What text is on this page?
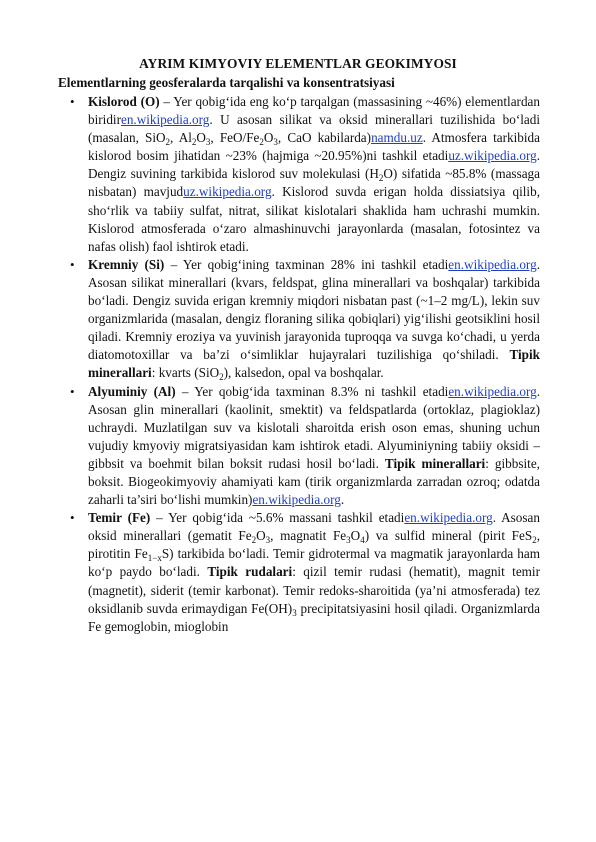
AYRIM KIMYOVIY ELEMENTLAR GEOKIMYOSI
Elementlarning geosferalarda tarqalishi va konsentratsiyasi
• Kislorod (O) – Yer qobig‘ida eng ko‘p tarqalgan (massasining ~46%) elementlardan biridiren.wikipedia.org. U asosan silikat va oksid minerallari tuzilishida bo‘ladi (masalan, SiO$_2$, $Al_2O_3$, FeO/$Fe_2O_3$, CaO kabilarda)namdu.uz. Atmosfera tarkibida kislorod bosim jihatidan ~23% (hajmiga ~20.95%)ni tashkil etadiuz.wikipedia.org. Dengiz suvining tarkibida kislorod suv molekulasi $(H_2O)$ sifatida ~85.8% (massaga nisbatan) mavjuduz.wikipedia.org. Kislorod suvda erigan holda dissiatsiya qilib, sho‘rlik va tabiiy sulfat, nitrat, silikat kislotalari shaklida ham uchrashi mumkin. Kislorod atmosferada o‘zaro almashinuvchi jarayonlarda (masalan, fotosintez va nafas olish) faol ishtirok etadi.
• Kremniy (Si) – Yer qobig‘ining taxminan 28% ini tashkil etadien.wikipedia.org. Asosan silikat minerallari (kvars, feldspat, glina minerallari va boshqalar) tarkibida bo‘ladi. Dengiz suvida erigan kremniy miqdori nisbatan past (~1–2 mg/L), lekin suv organizmlarida (masalan, dengiz floraning silika qobiqlari) yig‘ilishi geotsiklini hosil qiladi. Kremniy eroziya va yuvinish jarayonida tuproqqa va suvga ko‘chadi, u yerda diatomotoxillar va ba’zi o‘simliklar hujayralari tuzilishiga qo‘shiladi. Tipik minerallari: kvarts (SiO$_2$), kalsedon, opal va boshqalar.
• Alyuminiy (Al) – Yer qobig‘ida taxminan 8.3% ni tashkil etadien.wikipedia.org. Asosan glin minerallari (kaolinit, smektit) va feldspatlarda (ortoklaz, plagioklaz) uchraydi. Muzlatilgan suv va kislotali sharoitda erish oson emas, shuning uchun vujudiy kmyoviy migratsiyasidan kam ishtirok etadi. Alyuminiyning tabiiy oksidi – gibbsit va boehmit bilan boksit rudasi hosil bo‘ladi. Tipik minerallari: gibbsite, boksit. Biogeokimyoviy ahamiyati kam (tirik organizmlarda zarradan ozroq; odatda zaharli ta’siri bo‘lishi mumkin)en.wikipedia.org.
• Temir (Fe) – Yer qobig‘ida ~5.6% massani tashkil etadien.wikipedia.org. Asosan oksid minerallari (gematit $Fe_2O_3$, magnatit $Fe_3O_4$) va sulfid mineral (pirit FeS$_2$, pirotitin $Fe_{1-x}S$) tarkibida bo‘ladi. Temir gidrotermal va magmatik jarayonlarda ham ko‘p paydo bo‘ladi. Tipik rudalari: qizil temir rudasi (hematit), magnit temir (magnetit), siderit (temir karbonat). Temir redoks-sharoitida (ya’ni atmosferada) tez oksidlanib suvda erimaydigan $Fe(OH)_3$ precipitatsiyasini hosil qiladi. Organizmlarda Fe gemoglobin, mioglobin
